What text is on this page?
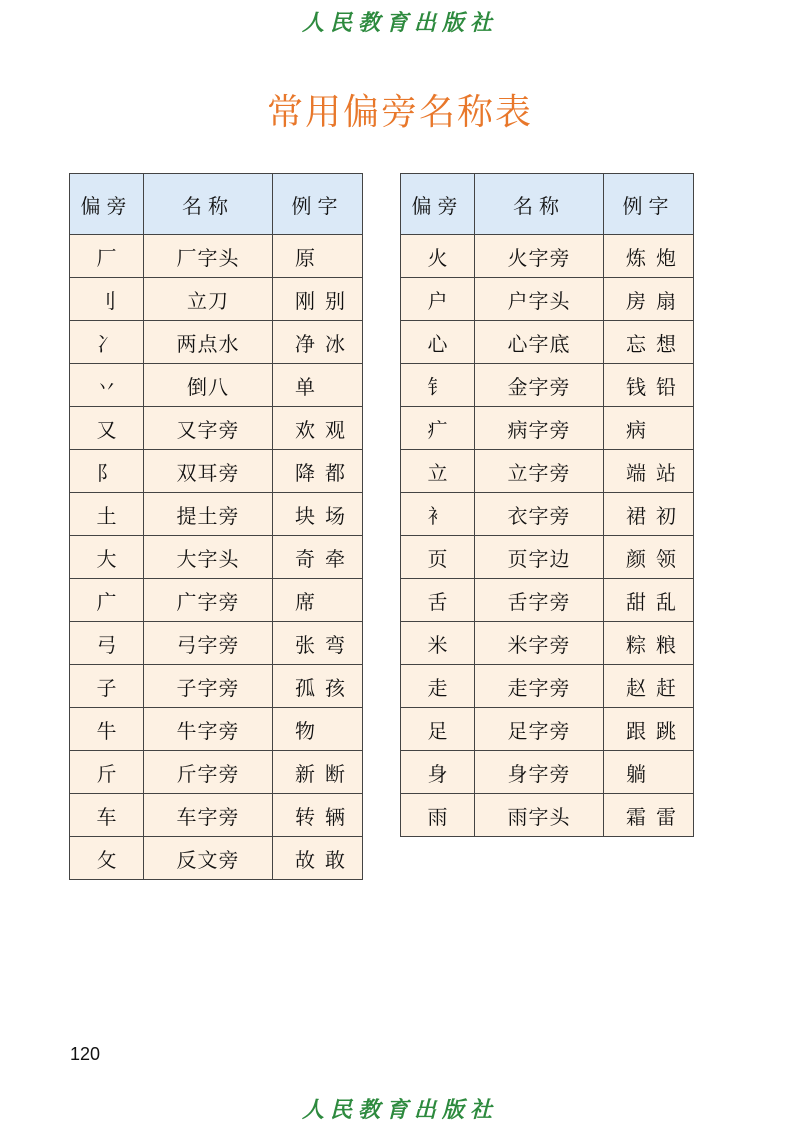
人民教育出版社
常用偏旁名称表
偏旁	名称	例字
厂	厂字头	原
刂	立刀	刚别
冫	两点水	净冰
丷	倒八	单
又	又字旁	欢观
阝	双耳旁	降都
土	提土旁	块场
大	大字头	奇牵
广	广字旁	席
弓	弓字旁	张弯
子	子字旁	孤孩
牛	牛字旁	物
斤	斤字旁	新断
车	车字旁	转辆
攵	反文旁	故敢
偏旁	名称	例字
火	火字旁	炼炮
户	户字头	房扇
心	心字底	忘想
钅	金字旁	钱铅
疒	病字旁	病
立	立字旁	端站
衤	衣字旁	裙初
页	页字边	颜领
舌	舌字旁	甜乱
米	米字旁	粽粮
走	走字旁	赵赶
足	足字旁	跟跳
身	身字旁	躺
雨	雨字头	霜雷
120
人民教育出版社
